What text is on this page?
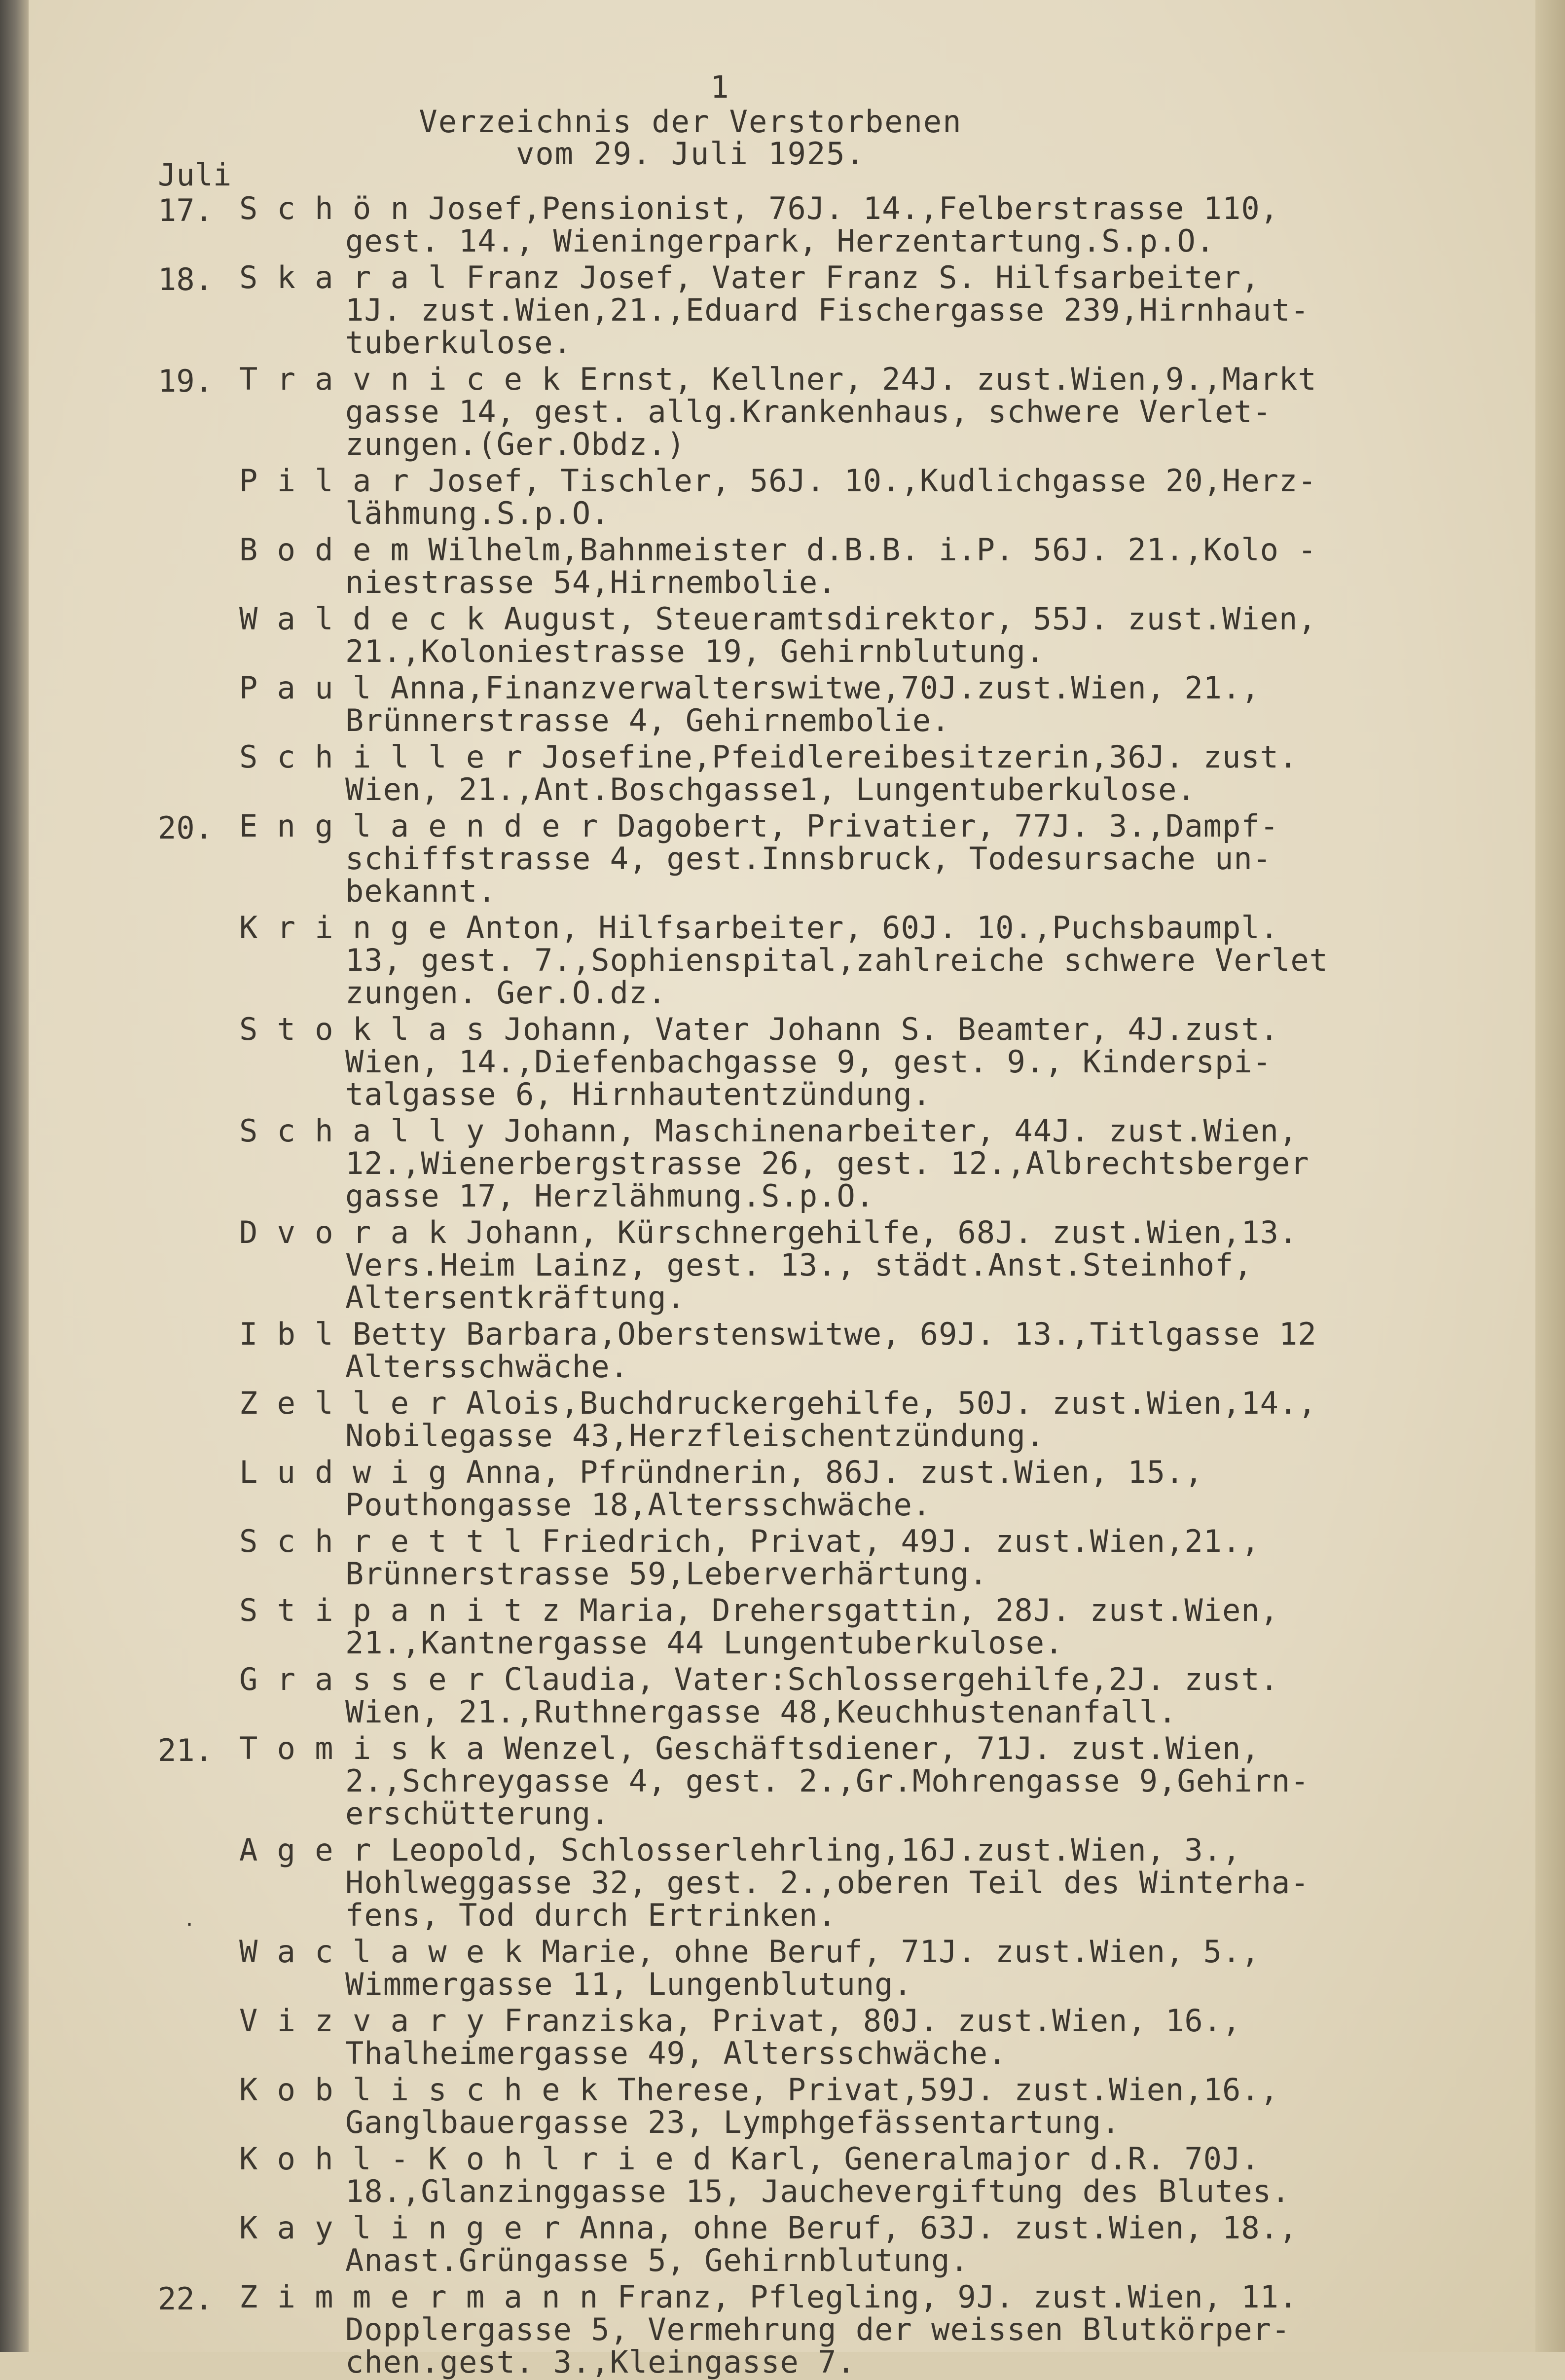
1
Verzeichnis der Verstorbenen
vom 29. Juli 1925.
Juli
.
17. S c h ö n Josef,Pensionist, 76J. 14.,Felberstrasse 110,
gest. 14., Wieningerpark, Herzentartung.S.p.O.
18. S k a r a l Franz Josef, Vater Franz S. Hilfsarbeiter,
1J. zust.Wien,21.,Eduard Fischergasse 239,Hirnhaut-
tuberkulose.
19. T r a v n i c e k Ernst, Kellner, 24J. zust.Wien,9.,Markt
gasse 14, gest. allg.Krankenhaus, schwere Verlet-
zungen.(Ger.Obdz.)
P i l a r Josef, Tischler, 56J. 10.,Kudlichgasse 20,Herz-
lähmung.S.p.O.
B o d e m Wilhelm,Bahnmeister d.B.B. i.P. 56J. 21.,Kolo -
niestrasse 54,Hirnembolie.
W a l d e c k August, Steueramtsdirektor, 55J. zust.Wien,
21.,Koloniestrasse 19, Gehirnblutung.
P a u l Anna,Finanzverwalterswitwe,70J.zust.Wien, 21.,
Brünnerstrasse 4, Gehirnembolie.
S c h i l l e r Josefine,Pfeidlereibesitzerin,36J. zust.
Wien, 21.,Ant.Boschgasse1, Lungentuberkulose.
20. E n g l a e n d e r Dagobert, Privatier, 77J. 3.,Dampf-
schiffstrasse 4, gest.Innsbruck, Todesursache un-
bekannt.
K r i n g e Anton, Hilfsarbeiter, 60J. 10.,Puchsbaumpl.
13, gest. 7.,Sophienspital,zahlreiche schwere Verlet
zungen. Ger.O.dz.
S t o k l a s Johann, Vater Johann S. Beamter, 4J.zust.
Wien, 14.,Diefenbachgasse 9, gest. 9., Kinderspi-
talgasse 6, Hirnhautentzündung.
S c h a l l y Johann, Maschinenarbeiter, 44J. zust.Wien,
12.,Wienerbergstrasse 26, gest. 12.,Albrechtsberger
gasse 17, Herzlähmung.S.p.O.
D v o r a k Johann, Kürschnergehilfe, 68J. zust.Wien,13.
Vers.Heim Lainz, gest. 13., städt.Anst.Steinhof,
Altersentkräftung.
I b l Betty Barbara,Oberstenswitwe, 69J. 13.,Titlgasse 12
Altersschwäche.
Z e l l e r Alois,Buchdruckergehilfe, 50J. zust.Wien,14.,
Nobilegasse 43,Herzfleischentzündung.
L u d w i g Anna, Pfründnerin, 86J. zust.Wien, 15.,
Pouthongasse 18,Altersschwäche.
S c h r e t t l Friedrich, Privat, 49J. zust.Wien,21.,
Brünnerstrasse 59,Leberverhärtung.
S t i p a n i t z Maria, Drehersgattin, 28J. zust.Wien,
21.,Kantnergasse 44 Lungentuberkulose.
G r a s s e r Claudia, Vater:Schlossergehilfe,2J. zust.
Wien, 21.,Ruthnergasse 48,Keuchhustenanfall.
21. T o m i s k a Wenzel, Geschäftsdiener, 71J. zust.Wien,
2.,Schreygasse 4, gest. 2.,Gr.Mohrengasse 9,Gehirn-
erschütterung.
A g e r Leopold, Schlosserlehrling,16J.zust.Wien, 3.,
Hohlweggasse 32, gest. 2.,oberen Teil des Winterha-
fens, Tod durch Ertrinken.
W a c l a w e k Marie, ohne Beruf, 71J. zust.Wien, 5.,
Wimmergasse 11, Lungenblutung.
V i z v a r y Franziska, Privat, 80J. zust.Wien, 16.,
Thalheimergasse 49, Altersschwäche.
K o b l i s c h e k Therese, Privat,59J. zust.Wien,16.,
Ganglbauergasse 23, Lymphgefässentartung.
K o h l - K o h l r i e d Karl, Generalmajor d.R. 70J.
18.,Glanzinggasse 15, Jauchevergiftung des Blutes.
K a y l i n g e r Anna, ohne Beruf, 63J. zust.Wien, 18.,
Anast.Grüngasse 5, Gehirnblutung.
22. Z i m m e r m a n n Franz, Pflegling, 9J. zust.Wien, 11.
Dopplergasse 5, Vermehrung der weissen Blutkörper-
chen.gest. 3.,Kleingasse 7.
